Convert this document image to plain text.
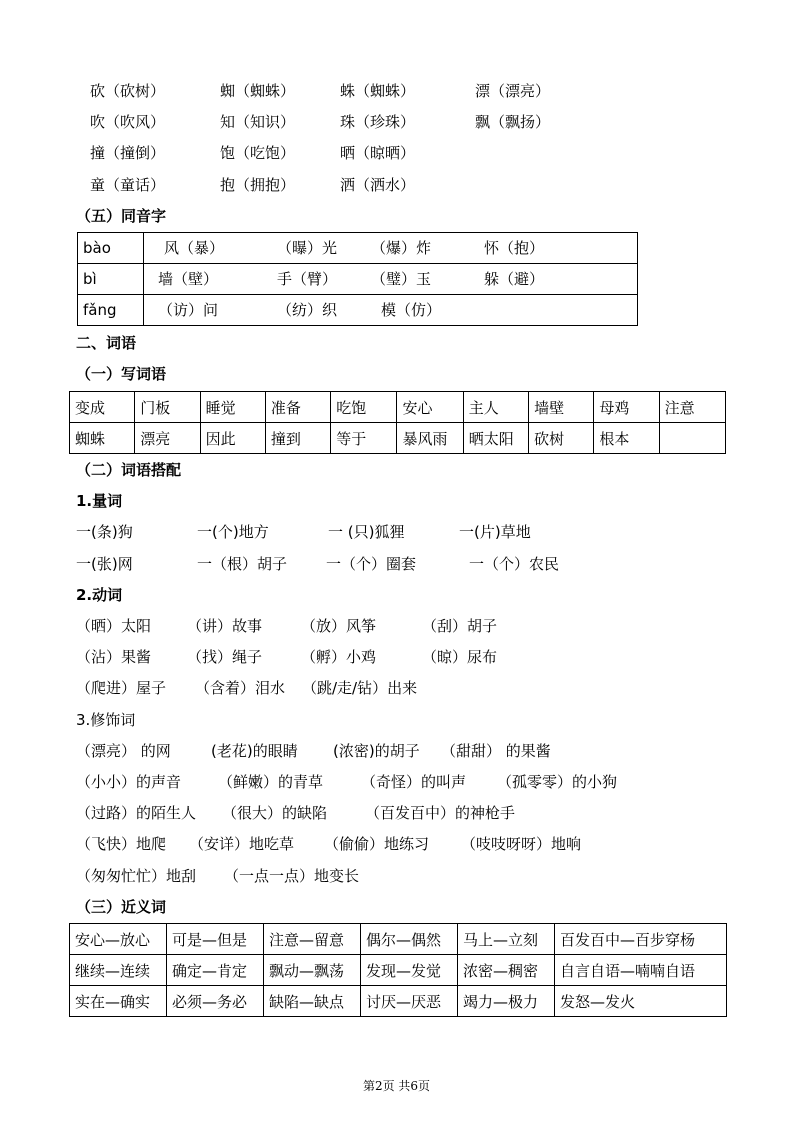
砍（砍树）	蜘（蜘蛛）	蛛（蜘蛛）	漂（漂亮）
吹（吹风）	知（知识）	珠（珍珠）	飘（飘扬）
撞（撞倒）	饱（吃饱）	晒（晾晒）
童（童话）	抱（拥抱）	洒（洒水）
（五）同音字
bào	风（暴） （曝）光 （爆）炸 怀（抱）

bì	墙（壁） 手（臂） （璧）玉 躲（避）

fǎng	（访）问 （纺）织 模（仿）
二、词语
（一）写词语
变成	门板	睡觉	准备	吃饱	安心	主人	墙壁	母鸡	注意
蜘蛛	漂亮	因此	撞到	等于	暴风雨	晒太阳	砍树	根本	
（二）词语搭配
1.量词
一(条)狗	一(个)地方	一 (只)狐狸	一(片)草地
一(张)网	一（根）胡子	一（个）圈套	一（个）农民
2.动词
（晒）太阳 （讲）故事	（放）风筝	（刮）胡子
（沾）果酱 （找）绳子	（孵）小鸡	（晾）尿布
（爬进）屋子 （含着）泪水 （跳/走/钻）出来
3.修饰词
（漂亮） 的网	(老花)的眼睛 (浓密)的胡子 （甜甜） 的果酱
（小小）的声音 （鲜嫩）的青草	（奇怪）的叫声 （孤零零）的小狗
（过路）的陌生人 （很大）的缺陷	（百发百中）的神枪手
（飞快）地爬 （安详）地吃草 （偷偷）地练习 （吱吱呀呀）地响
（匆匆忙忙）地刮 （一点一点）地变长
（三）近义词
安心—放心	可是—但是	注意—留意	偶尔—偶然	马上—立刻	百发百中—百步穿杨
继续—连续	确定—肯定	飘动—飘荡	发现—发觉	浓密—稠密	自言自语—喃喃自语
实在—确实	必须—务必	缺陷—缺点	讨厌—厌恶	竭力—极力	发怒—发火
第2页 共6页
